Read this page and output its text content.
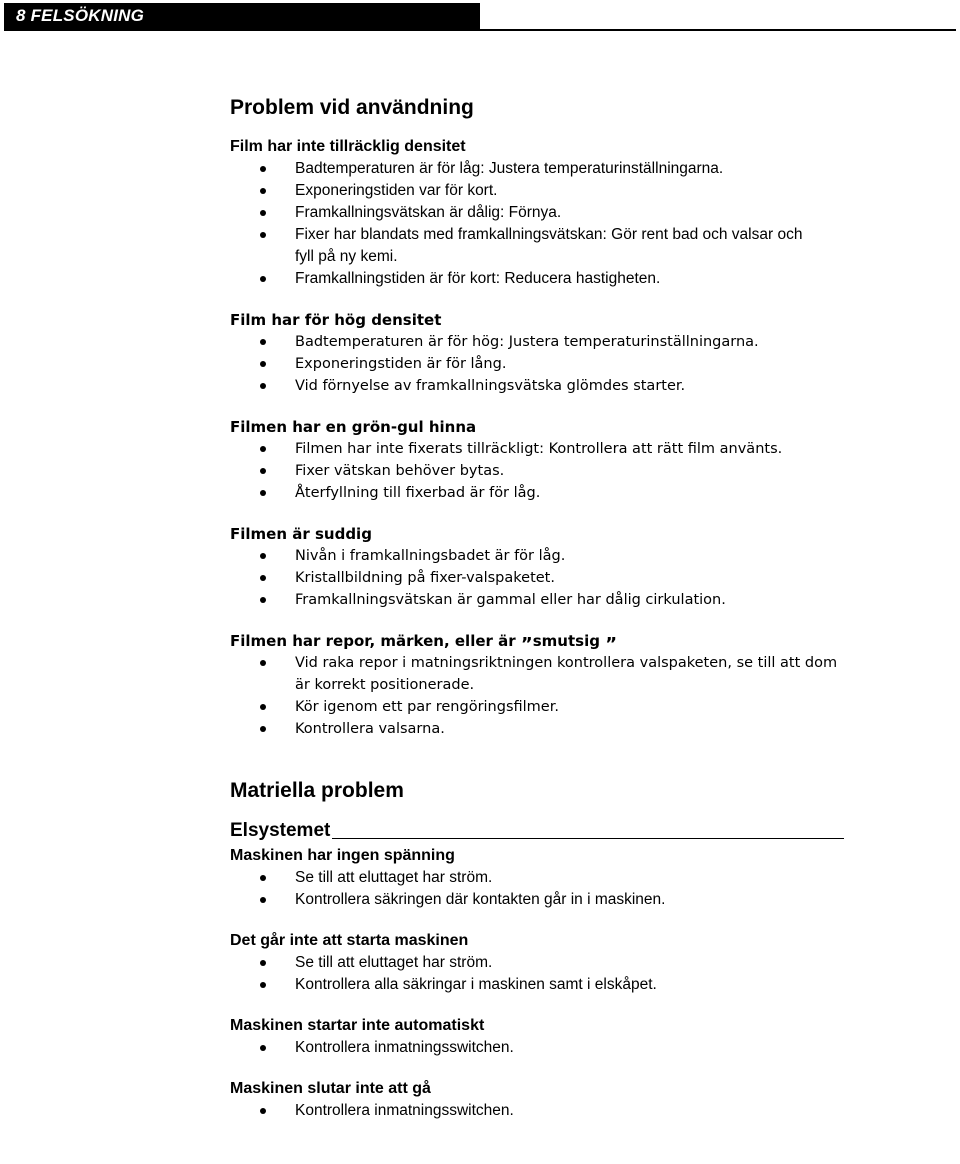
8 FELSÖKNING
Problem vid användning
Film har inte tillräcklig densitet
Badtemperaturen är för låg: Justera temperaturinställningarna.
Exponeringstiden var för kort.
Framkallningsvätskan är dålig: Förnya.
Fixer har blandats med framkallningsvätskan: Gör rent bad och valsar och fyll på ny kemi.
Framkallningstiden är för kort: Reducera hastigheten.
Film har för hög densitet
Badtemperaturen är för hög: Justera temperaturinställningarna.
Exponeringstiden är för lång.
Vid förnyelse av framkallningsvätska glömdes starter.
Filmen har en grön-gul hinna
Filmen har inte fixerats tillräckligt: Kontrollera att rätt film använts.
Fixer vätskan behöver bytas.
Återfyllning till fixerbad är för låg.
Filmen är suddig
Nivån i framkallningsbadet är för låg.
Kristallbildning på fixer-valspaketet.
Framkallningsvätskan är gammal eller har dålig cirkulation.
Filmen har repor, märken, eller är ”smutsig ”
Vid raka repor i matningsriktningen kontrollera valspaketen, se till att dom är korrekt positionerade.
Kör igenom ett par rengöringsfilmer.
Kontrollera valsarna.
Matriella problem
Elsystemet
Maskinen har ingen spänning
Se till att eluttaget har ström.
Kontrollera säkringen där kontakten går in i maskinen.
Det går inte att starta maskinen
Se till att eluttaget har ström.
Kontrollera alla säkringar i maskinen samt i elskåpet.
Maskinen startar inte automatiskt
Kontrollera inmatningsswitchen.
Maskinen slutar inte att gå
Kontrollera inmatningsswitchen.
